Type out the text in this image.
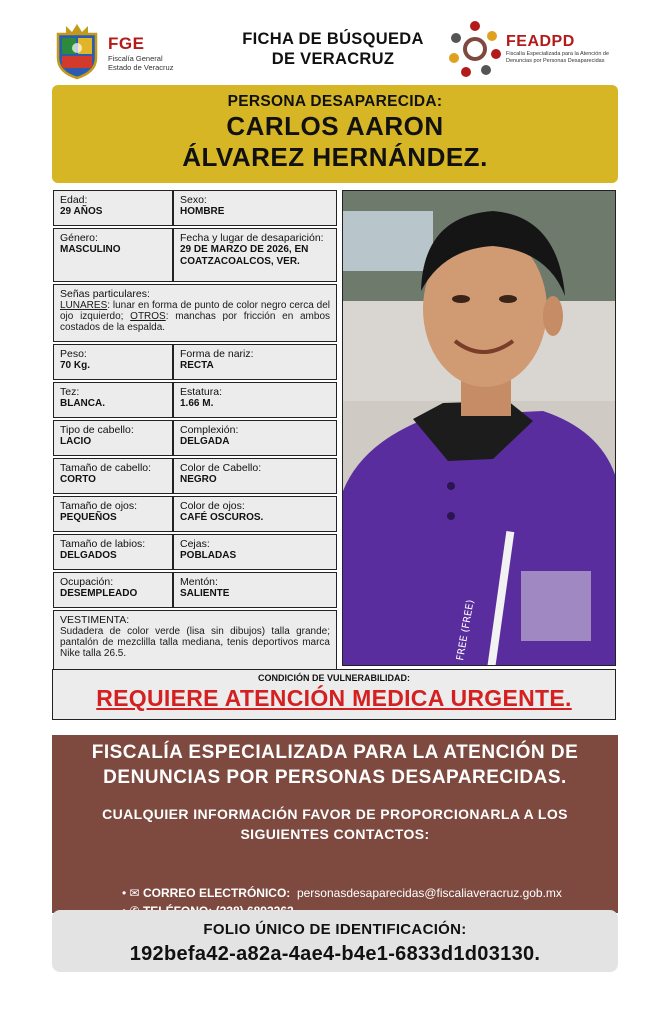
FGE
Fiscalía General
Estado de Veracruz
FICHA DE BÚSQUEDA
DE VERACRUZ
FEADPD
Fiscalía Especializada para la Atención de Denuncias por Personas Desaparecidas
PERSONA DESAPARECIDA:
CARLOS AARON
ÁLVAREZ HERNÁNDEZ.
Edad:
29 AÑOS
Sexo:
HOMBRE
Género:
MASCULINO
Fecha y lugar de desaparición:
29 DE MARZO DE 2026, EN
COATZACOALCOS, VER.
Señas particulares:
LUNARES: lunar en forma de punto de color negro cerca del ojo izquierdo; OTROS: manchas por fricción en ambos costados de la espalda.
Peso:
70 Kg.
Forma de nariz:
RECTA
Tez:
BLANCA.
Estatura:
1.66 M.
Tipo de cabello:
LACIO
Complexión:
DELGADA
Tamaño de cabello:
CORTO
Color de Cabello:
NEGRO
Tamaño de ojos:
PEQUEÑOS
Color de ojos:
CAFÉ OSCUROS.
Tamaño de labios:
DELGADOS
Cejas:
POBLADAS
Ocupación:
DESEMPLEADO
Mentón:
SALIENTE
VESTIMENTA:
Sudadera de color verde (lisa sin dibujos) talla grande; pantalón de mezclilla talla mediana, tenis deportivos marca Nike talla 26.5.	FREE (FREE)
CONDICIÓN DE VULNERABILIDAD:
REQUIERE ATENCIÓN MEDICA URGENTE.
FISCALÍA ESPECIALIZADA PARA LA ATENCIÓN DE
DENUNCIAS POR PERSONAS DESAPARECIDAS.
CUALQUIER INFORMACIÓN FAVOR DE PROPORCIONARLA A LOS
SIGUIENTES CONTACTOS:
• ✉ CORREO ELECTRÓNICO: personasdesaparecidas@fiscaliaveracruz.gob.mx
FOLIO ÚNICO DE IDENTIFICACIÓN:
192befa42-a82a-4ae4-b4e1-6833d1d03130.
